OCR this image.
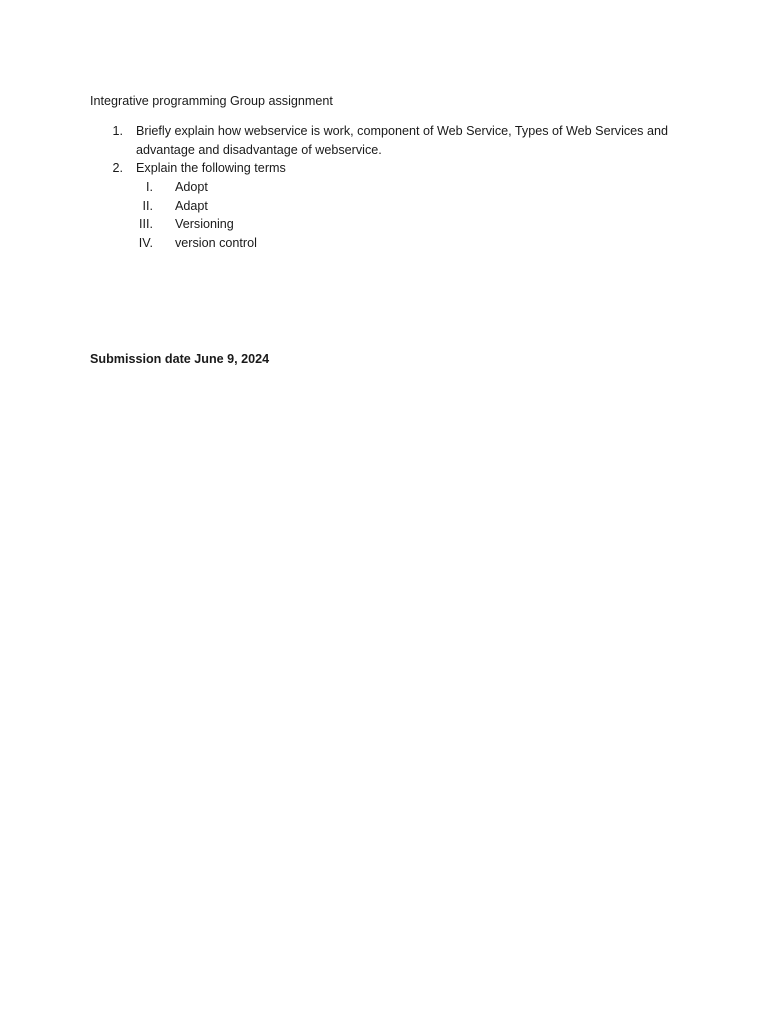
Integrative programming Group assignment
1. Briefly explain how webservice is work, component of Web Service, Types of Web Services and
advantage and disadvantage of webservice.
2. Explain the following terms
I. Adopt
II. Adapt
III. Versioning
IV. version control
Submission date June 9, 2024
